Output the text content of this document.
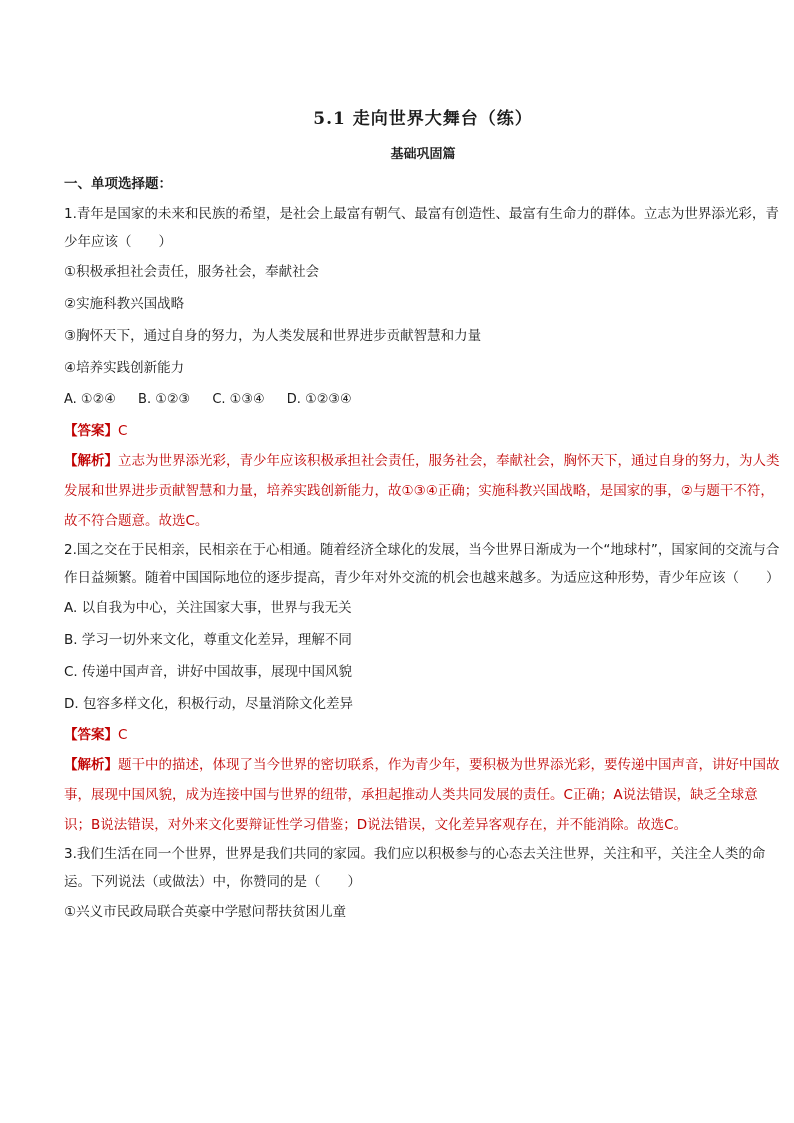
5.1 走向世界大舞台（练）
基础巩固篇
一、单项选择题：

1.青年是国家的未来和民族的希望，是社会上最富有朝气、最富有创造性、最富有生命力的群体。立志为世界添光彩，青少年应该（　　）

①积极承担社会责任，服务社会，奉献社会

②实施科教兴国战略

③胸怀天下，通过自身的努力，为人类发展和世界进步贡献智慧和力量

④培养实践创新能力

A. ①②④ B. ①②③ C. ①③④ D. ①②③④

【答案】C

【解析】立志为世界添光彩，青少年应该积极承担社会责任，服务社会，奉献社会，胸怀天下，通过自身的努力，为人类发展和世界进步贡献智慧和力量，培养实践创新能力，故①③④正确；实施科教兴国战略，是国家的事，②与题干不符，故不符合题意。故选C。

2.国之交在于民相亲，民相亲在于心相通。随着经济全球化的发展，当今世界日渐成为一个“地球村”，国家间的交流与合作日益频繁。随着中国国际地位的逐步提高，青少年对外交流的机会也越来越多。为适应这种形势，青少年应该（　　）

A. 以自我为中心，关注国家大事，世界与我无关

B. 学习一切外来文化，尊重文化差异，理解不同

C. 传递中国声音，讲好中国故事，展现中国风貌

D. 包容多样文化，积极行动，尽量消除文化差异

【答案】C

【解析】题干中的描述，体现了当今世界的密切联系，作为青少年，要积极为世界添光彩，要传递中国声音，讲好中国故事，展现中国风貌，成为连接中国与世界的纽带，承担起推动人类共同发展的责任。C正确；A说法错误，缺乏全球意识；B说法错误，对外来文化要辩证性学习借鉴；D说法错误，文化差异客观存在，并不能消除。故选C。

3.我们生活在同一个世界，世界是我们共同的家园。我们应以积极参与的心态去关注世界，关注和平，关注全人类的命运。下列说法（或做法）中，你赞同的是（　　）

①兴义市民政局联合英豪中学慰问帮扶贫困儿童
